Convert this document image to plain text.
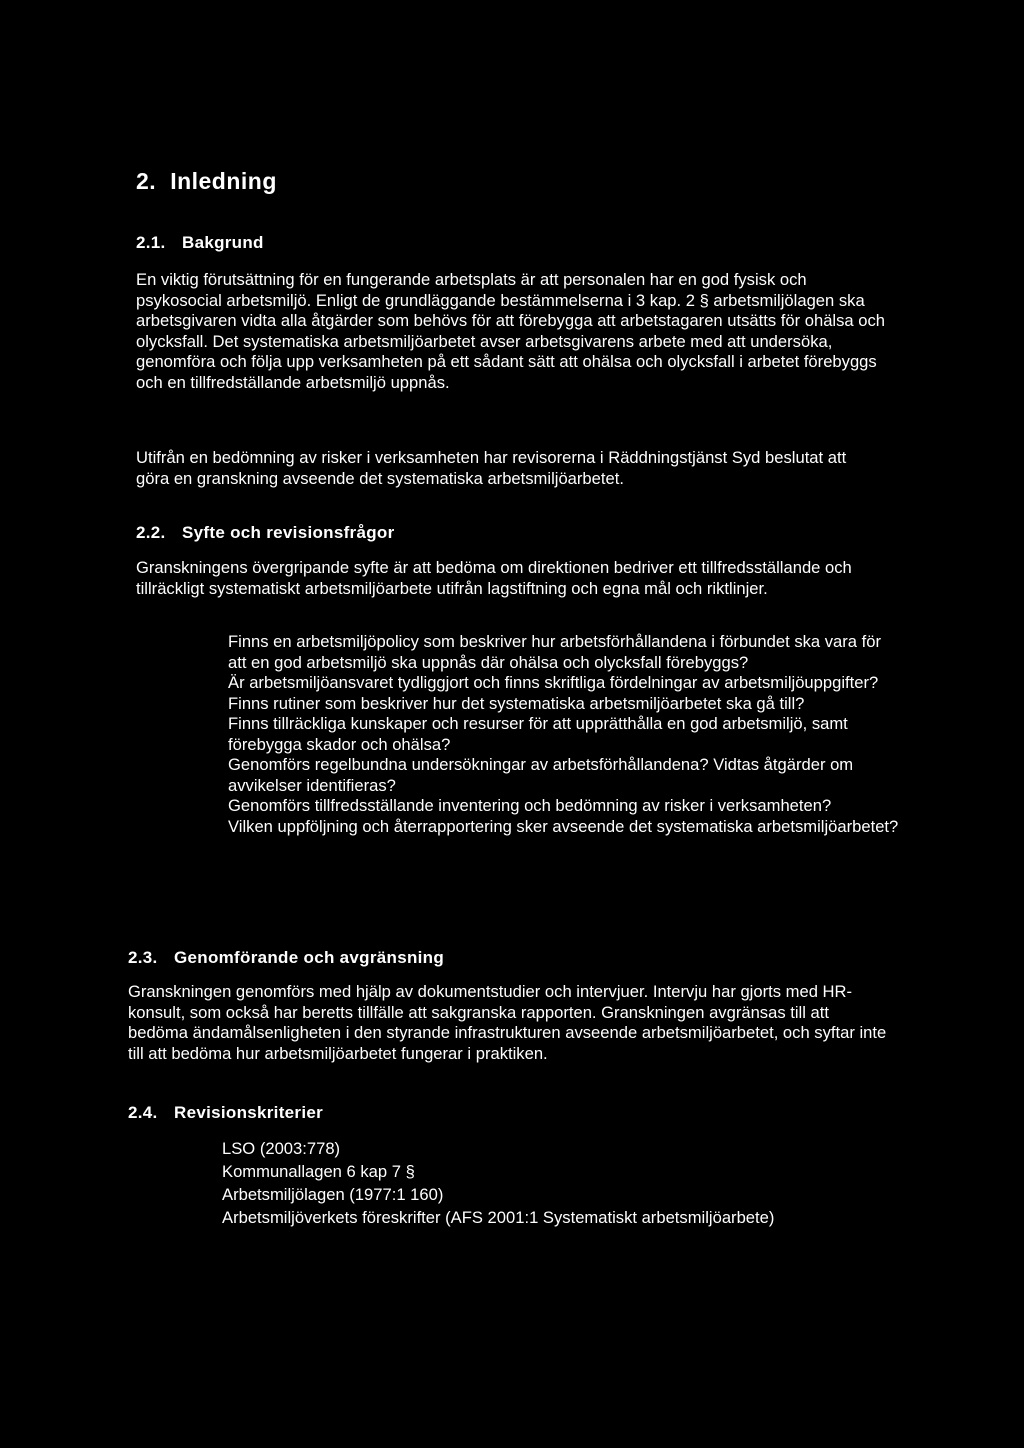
2. Inledning
2.1. Bakgrund

En viktig förutsättning för en fungerande arbetsplats är att personalen har en god fysisk och psykosocial arbetsmiljö. Enligt de grundläggande bestämmelserna i 3 kap. 2 § arbetsmiljölagen ska arbetsgivaren vidta alla åtgärder som behövs för att förebygga att arbetstagaren utsätts för ohälsa och olycksfall. Det systematiska arbetsmiljöarbetet avser arbetsgivarens arbete med att undersöka, genomföra och följa upp verksamheten på ett sådant sätt att ohälsa och olycksfall i arbetet förebyggs och en tillfredställande arbetsmiljö uppnås.

Utifrån en bedömning av risker i verksamheten har revisorerna i Räddningstjänst Syd beslutat att göra en granskning avseende det systematiska arbetsmiljöarbetet.

2.2. Syfte och revisionsfrågor

Granskningens övergripande syfte är att bedöma om direktionen bedriver ett tillfredsställande och tillräckligt systematiskt arbetsmiljöarbete utifrån lagstiftning och egna mål och riktlinjer.

Finns en arbetsmiljöpolicy som beskriver hur arbetsförhållandena i förbundet ska vara för att en god arbetsmiljö ska uppnås där ohälsa och olycksfall förebyggs?
Är arbetsmiljöansvaret tydliggjort och finns skriftliga fördelningar av arbetsmiljöuppgifter?
Finns rutiner som beskriver hur det systematiska arbetsmiljöarbetet ska gå till?
Finns tillräckliga kunskaper och resurser för att upprätthålla en god arbetsmiljö, samt förebygga skador och ohälsa?
Genomförs regelbundna undersökningar av arbetsförhållandena? Vidtas åtgärder om avvikelser identifieras?
Genomförs tillfredsställande inventering och bedömning av risker i verksamheten?
Vilken uppföljning och återrapportering sker avseende det systematiska arbetsmiljöarbetet?
2.3. Genomförande och avgränsning

Granskningen genomförs med hjälp av dokumentstudier och intervjuer. Intervju har gjorts med HR-konsult, som också har beretts tillfälle att sakgranska rapporten. Granskningen avgränsas till att bedöma ändamålsenligheten i den styrande infrastrukturen avseende arbetsmiljöarbetet, och syftar inte till att bedöma hur arbetsmiljöarbetet fungerar i praktiken.

2.4. Revisionskriterier
LSO (2003:778)
Kommunallagen 6 kap 7 §
Arbetsmiljölagen (1977:1 160)
Arbetsmiljöverkets föreskrifter (AFS 2001:1 Systematiskt arbetsmiljöarbete)
